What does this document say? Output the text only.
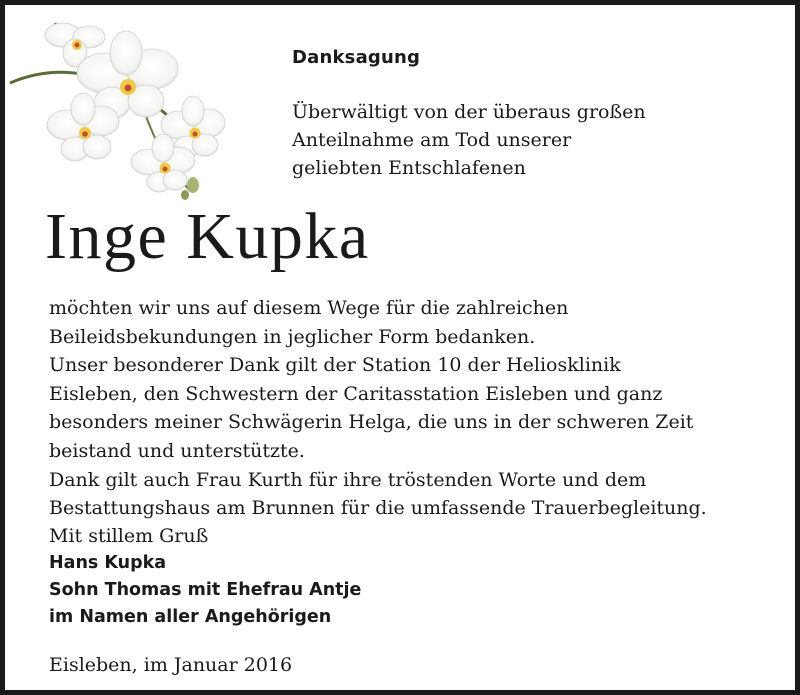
Danksagung
Überwältigt von der überaus großen
Anteilnahme am Tod unserer
geliebten Entschlafenen
Inge Kupka
möchten wir uns auf diesem Wege für die zahlreichen
Beileidsbekundungen in jeglicher Form bedanken.
Unser besonderer Dank gilt der Station 10 der Heliosklinik
Eisleben, den Schwestern der Caritasstation Eisleben und ganz
besonders meiner Schwägerin Helga, die uns in der schweren Zeit
beistand und unterstützte.
Dank gilt auch Frau Kurth für ihre tröstenden Worte und dem
Bestattungshaus am Brunnen für die umfassende Trauerbegleitung.
Mit stillem Gruß
Hans Kupka
Sohn Thomas mit Ehefrau Antje
im Namen aller Angehörigen
Eisleben, im Januar 2016
